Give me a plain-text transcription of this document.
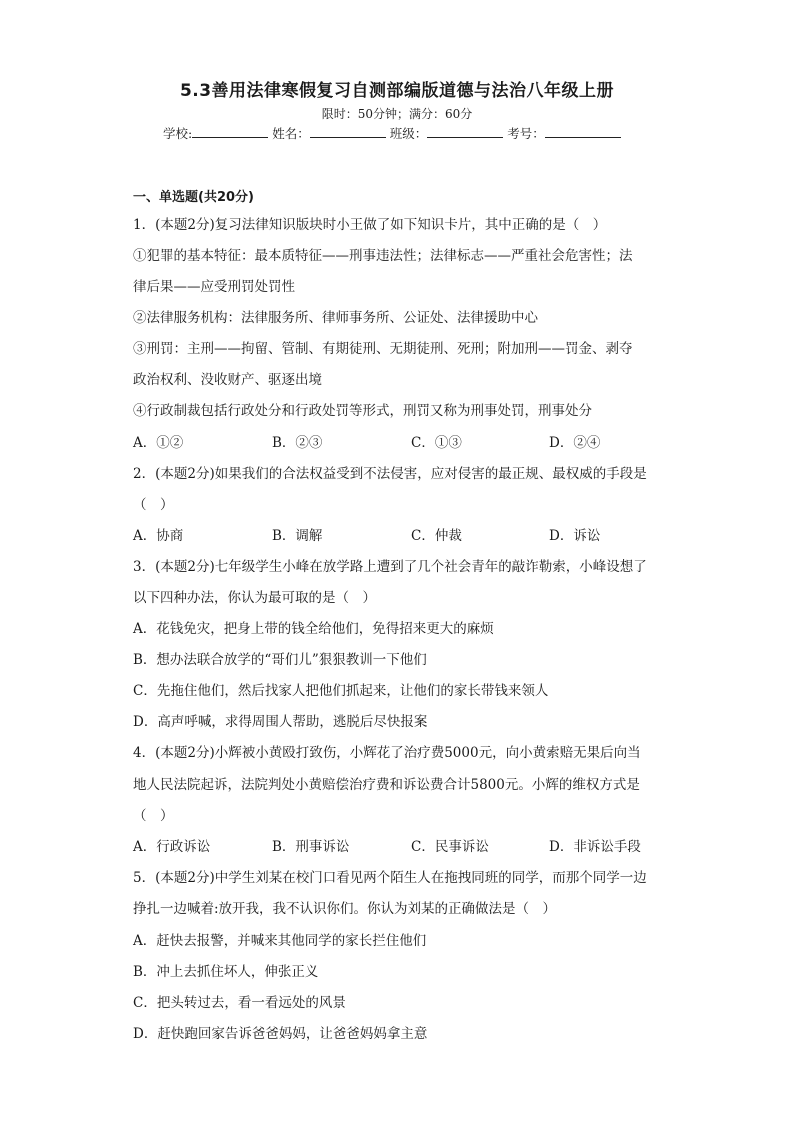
5.3善用法律寒假复习自测部编版道德与法治八年级上册
限时：50分钟；满分：60分
学校:	姓名：	班级：	考号：
一、单选题(共20分)
1．(本题2分)复习法律知识版块时小王做了如下知识卡片，其中正确的是（　）
①犯罪的基本特征：最本质特征——刑事违法性；法律标志——严重社会危害性；法
律后果——应受刑罚处罚性
②法律服务机构：法律服务所、律师事务所、公证处、法律援助中心
③刑罚：主刑——拘留、管制、有期徒刑、无期徒刑、死刑；附加刑——罚金、剥夺
政治权利、没收财产、驱逐出境
④行政制裁包括行政处分和行政处罚等形式，刑罚又称为刑事处罚，刑事处分
A．①②	B．②③	C．①③	D．②④
2．(本题2分)如果我们的合法权益受到不法侵害，应对侵害的最正规、最权威的手段是
（　）
A．协商	B．调解	C．仲裁	D．诉讼
3．(本题2分)七年级学生小峰在放学路上遭到了几个社会青年的敲诈勒索，小峰设想了
以下四种办法，你认为最可取的是（　）
A．花钱免灾，把身上带的钱全给他们，免得招来更大的麻烦
B．想办法联合放学的“哥们儿”狠狠教训一下他们
C．先拖住他们，然后找家人把他们抓起来，让他们的家长带钱来领人
D．高声呼喊，求得周围人帮助，逃脱后尽快报案
4．(本题2分)小辉被小黄殴打致伤，小辉花了治疗费5000元，向小黄索赔无果后向当
地人民法院起诉，法院判处小黄赔偿治疗费和诉讼费合计5800元。小辉的维权方式是
（　）
A．行政诉讼	B．刑事诉讼	C．民事诉讼	D．非诉讼手段
5．(本题2分)中学生刘某在校门口看见两个陌生人在拖拽同班的同学，而那个同学一边
挣扎一边喊着:放开我，我不认识你们。你认为刘某的正确做法是（　）
A．赶快去报警，并喊来其他同学的家长拦住他们
B．冲上去抓住坏人，伸张正义
C．把头转过去，看一看远处的风景
D．赶快跑回家告诉爸爸妈妈，让爸爸妈妈拿主意
